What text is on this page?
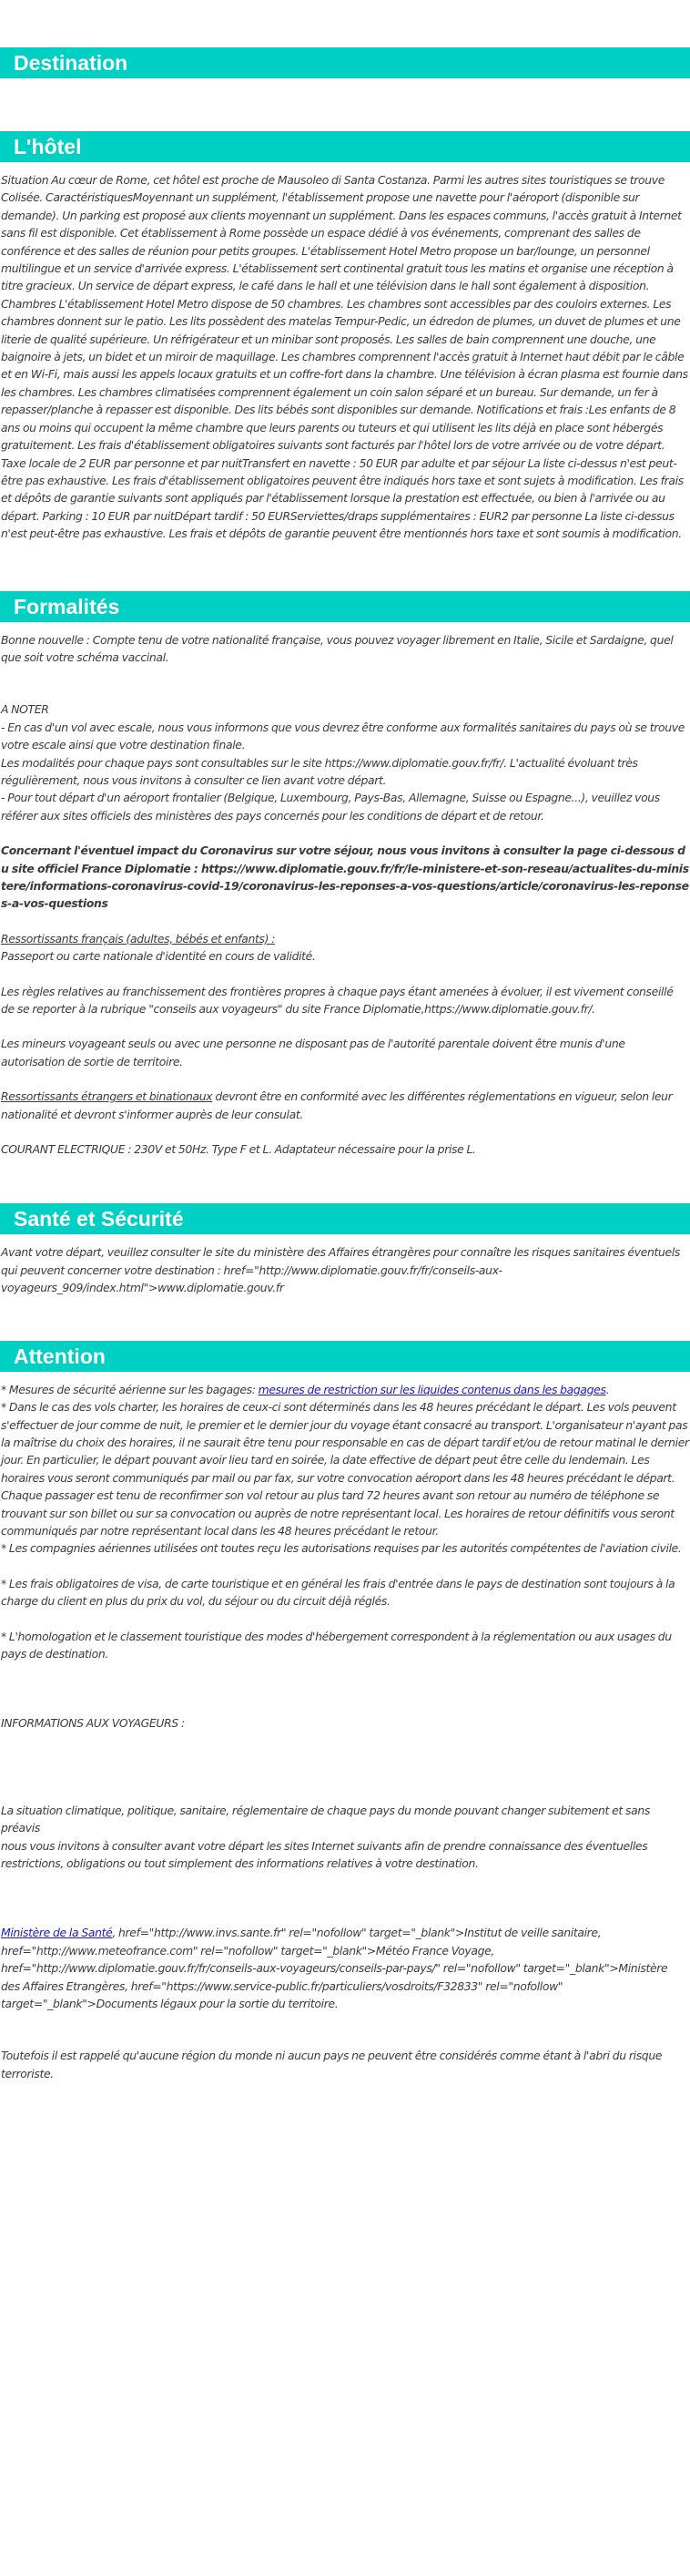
Destination
L'hôtel

Situation Au cœur de Rome, cet hôtel est proche de Mausoleo di Santa Costanza. Parmi les autres sites touristiques se trouve Colisée. CaractéristiquesMoyennant un supplément, l'établissement propose une navette pour l'aéroport (disponible sur demande). Un parking est proposé aux clients moyennant un supplément. Dans les espaces communs, l'accès gratuit à Internet sans fil est disponible. Cet établissement à Rome possède un espace dédié à vos événements, comprenant des salles de conférence et des salles de réunion pour petits groupes. L'établissement Hotel Metro propose un bar/lounge, un personnel multilingue et un service d'arrivée express. L'établissement sert continental gratuit tous les matins et organise une réception à titre gracieux. Un service de départ express, le café dans le hall et une télévision dans le hall sont également à disposition. Chambres L'établissement Hotel Metro dispose de 50 chambres. Les chambres sont accessibles par des couloirs externes. Les chambres donnent sur le patio. Les lits possèdent des matelas Tempur-Pedic, un édredon de plumes, un duvet de plumes et une literie de qualité supérieure. Un réfrigérateur et un minibar sont proposés. Les salles de bain comprennent une douche, une baignoire à jets, un bidet et un miroir de maquillage. Les chambres comprennent l'accès gratuit à Internet haut débit par le câble et en Wi-Fi, mais aussi les appels locaux gratuits et un coffre-fort dans la chambre. Une télévision à écran plasma est fournie dans les chambres. Les chambres climatisées comprennent également un coin salon séparé et un bureau. Sur demande, un fer à repasser/planche à repasser est disponible. Des lits bébés sont disponibles sur demande. Notifications et frais :Les enfants de 8 ans ou moins qui occupent la même chambre que leurs parents ou tuteurs et qui utilisent les lits déjà en place sont hébergés gratuitement. Les frais d'établissement obligatoires suivants sont facturés par l'hôtel lors de votre arrivée ou de votre départ. Taxe locale de 2 EUR par personne et par nuitTransfert en navette : 50 EUR par adulte et par séjour La liste ci-dessus n'est peut-être pas exhaustive. Les frais d'établissement obligatoires peuvent être indiqués hors taxe et sont sujets à modification. Les frais et dépôts de garantie suivants sont appliqués par l'établissement lorsque la prestation est effectuée, ou bien à l'arrivée ou au départ. Parking : 10 EUR par nuitDépart tardif : 50 EURServiettes/draps supplémentaires : EUR2 par personne La liste ci-dessus n'est peut-être pas exhaustive. Les frais et dépôts de garantie peuvent être mentionnés hors taxe et sont soumis à modification.

Formalités

Bonne nouvelle : Compte tenu de votre nationalité française, vous pouvez voyager librement en Italie, Sicile et Sardaigne, quel que soit votre schéma vaccinal.

A NOTER

- En cas d'un vol avec escale, nous vous informons que vous devrez être conforme aux formalités sanitaires du pays où se trouve votre escale ainsi que votre destination finale.

Les modalités pour chaque pays sont consultables sur le site https://www.diplomatie.gouv.fr/fr/. L'actualité évoluant très régulièrement, nous vous invitons à consulter ce lien avant votre départ.

- Pour tout départ d'un aéroport frontalier (Belgique, Luxembourg, Pays-Bas, Allemagne, Suisse ou Espagne...), veuillez vous référer aux sites officiels des ministères des pays concernés pour les conditions de départ et de retour.

Concernant l'éventuel impact du Coronavirus sur votre séjour, nous vous invitons à consulter la page ci-dessous du site officiel France Diplomatie : https://www.diplomatie.gouv.fr/fr/le-ministere-et-son-reseau/actualites-du-ministere/informations-coronavirus-covid-19/coronavirus-les-reponses-a-vos-questions/article/coronavirus-les-reponses-a-vos-questions

Ressortissants français (adultes, bébés et enfants) :

Passeport ou carte nationale d'identité en cours de validité.

Les règles relatives au franchissement des frontières propres à chaque pays étant amenées à évoluer, il est vivement conseillé de se reporter à la rubrique "conseils aux voyageurs" du site France Diplomatie,https://www.diplomatie.gouv.fr/.

Les mineurs voyageant seuls ou avec une personne ne disposant pas de l'autorité parentale doivent être munis d'une autorisation de sortie de territoire.

Ressortissants étrangers et binationaux devront être en conformité avec les différentes réglementations en vigueur, selon leur nationalité et devront s'informer auprès de leur consulat.

COURANT ELECTRIQUE : 230V et 50Hz. Type F et L. Adaptateur nécessaire pour la prise L.

Santé et Sécurité

Avant votre départ, veuillez consulter le site du ministère des Affaires étrangères pour connaître les risques sanitaires éventuels qui peuvent concerner votre destination : href="http://www.diplomatie.gouv.fr/fr/conseils-aux-voyageurs_909/index.html">www.diplomatie.gouv.fr

Attention

* Mesures de sécurité aérienne sur les bagages: mesures de restriction sur les liquides contenus dans les bagages.

* Dans le cas des vols charter, les horaires de ceux-ci sont déterminés dans les 48 heures précédant le départ. Les vols peuvent s'effectuer de jour comme de nuit, le premier et le dernier jour du voyage étant consacré au transport. L'organisateur n'ayant pas la maîtrise du choix des horaires, il ne saurait être tenu pour responsable en cas de départ tardif et/ou de retour matinal le dernier jour. En particulier, le départ pouvant avoir lieu tard en soirée, la date effective de départ peut être celle du lendemain. Les horaires vous seront communiqués par mail ou par fax, sur votre convocation aéroport dans les 48 heures précédant le départ. Chaque passager est tenu de reconfirmer son vol retour au plus tard 72 heures avant son retour au numéro de téléphone se trouvant sur son billet ou sur sa convocation ou auprès de notre représentant local. Les horaires de retour définitifs vous seront communiqués par notre représentant local dans les 48 heures précédant le retour.

* Les compagnies aériennes utilisées ont toutes reçu les autorisations requises par les autorités compétentes de l'aviation civile.

* Les frais obligatoires de visa, de carte touristique et en général les frais d'entrée dans le pays de destination sont toujours à la charge du client en plus du prix du vol, du séjour ou du circuit déjà réglés.

* L'homologation et le classement touristique des modes d'hébergement correspondent à la réglementation ou aux usages du pays de destination.

INFORMATIONS AUX VOYAGEURS :

La situation climatique, politique, sanitaire, réglementaire de chaque pays du monde pouvant changer subitement et sans préavis

nous vous invitons à consulter avant votre départ les sites Internet suivants afin de prendre connaissance des éventuelles restrictions, obligations ou tout simplement des informations relatives à votre destination.

Ministère de la Santé, href="http://www.invs.sante.fr" rel="nofollow" target="_blank">Institut de veille sanitaire, href="http://www.meteofrance.com" rel="nofollow" target="_blank">Météo France Voyage, href="http://www.diplomatie.gouv.fr/fr/conseils-aux-voyageurs/conseils-par-pays/" rel="nofollow" target="_blank">Ministère des Affaires Etrangères, href="https://www.service-public.fr/particuliers/vosdroits/F32833" rel="nofollow" target="_blank">Documents légaux pour la sortie du territoire.

Toutefois il est rappelé qu'aucune région du monde ni aucun pays ne peuvent être considérés comme étant à l'abri du risque terroriste.
